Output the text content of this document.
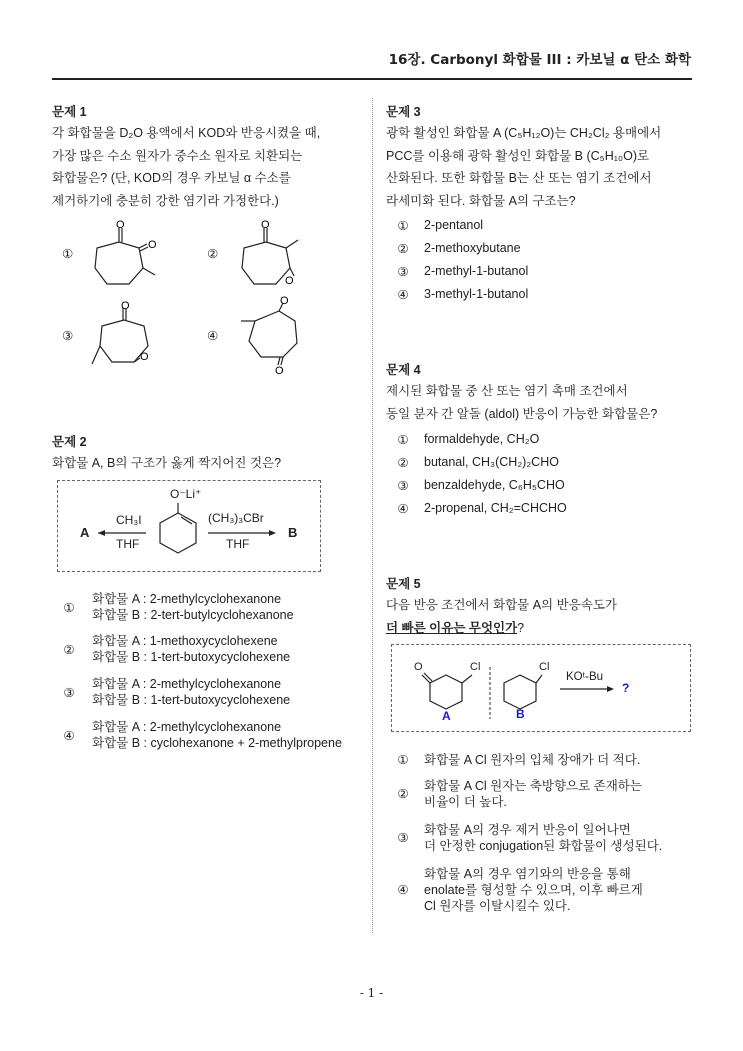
16장. Carbonyl 화합물 III : 카보닐 α 탄소 화학
문제 1
각 화합물을 D₂O 용액에서 KOD와 반응시켰을 때,
가장 많은 수소 원자가 중수소 원자로 치환되는
화합물은? (단, KOD의 경우 카보닐 α 수소를
제거하기에 충분히 강한 염기라 가정한다.)
①	②
③	④
O
O
O
O
O
O
O
O
문제 2
화합물 A, B의 구조가 옳게 짝지어진 것은?
A	B
CH₃I
THF
(CH₃)₃CBr
THF
O⁻Li⁺
①
화합물 A : 2-methylcyclohexanone
화합물 B : 2-tert-butylcyclohexanone
②
화합물 A : 1-methoxycyclohexene
화합물 B : 1-tert-butoxycyclohexene
③
화합물 A : 2-methylcyclohexanone
화합물 B : 1-tert-butoxycyclohexene
④
화합물 A : 2-methylcyclohexanone
화합물 B : cyclohexanone + 2-methylpropene
문제 3
광학 활성인 화합물 A (C₅H₁₂O)는 CH₂Cl₂ 용매에서
PCC를 이용해 광학 활성인 화합물 B (C₅H₁₀O)로
산화된다. 또한 화합물 B는 산 또는 염기 조건에서
라세미화 된다. 화합물 A의 구조는?
① 2-pentanol
② 2-methoxybutane
③ 2-methyl-1-butanol
④ 3-methyl-1-butanol
문제 4
제시된 화합물 중 산 또는 염기 촉매 조건에서
동일 분자 간 알돌 (aldol) 반응이 가능한 화합물은?
① formaldehyde, CH₂O
② butanal, CH₃(CH₂)₂CHO
③ benzaldehyde, C₆H₅CHO
④ 2-propenal, CH₂=CHCHO
문제 5
다음 반응 조건에서 화합물 A의 반응속도가
더 빠른 이유는 무엇인가?
O	Cl	Cl
KOᵗ-Bu
?
A	B
① 화합물 A Cl 원자의 입체 장애가 더 적다.
②
화합물 A Cl 원자는 축방향으로 존재하는
비율이 더 높다.
③
화합물 A의 경우 제거 반응이 일어나면
더 안정한 conjugation된 화합물이 생성된다.
④
화합물 A의 경우 염기와의 반응을 통해
enolate를 형성할 수 있으며, 이후 빠르게
Cl 원자를 이탈시킬수 있다.
- 1 -
